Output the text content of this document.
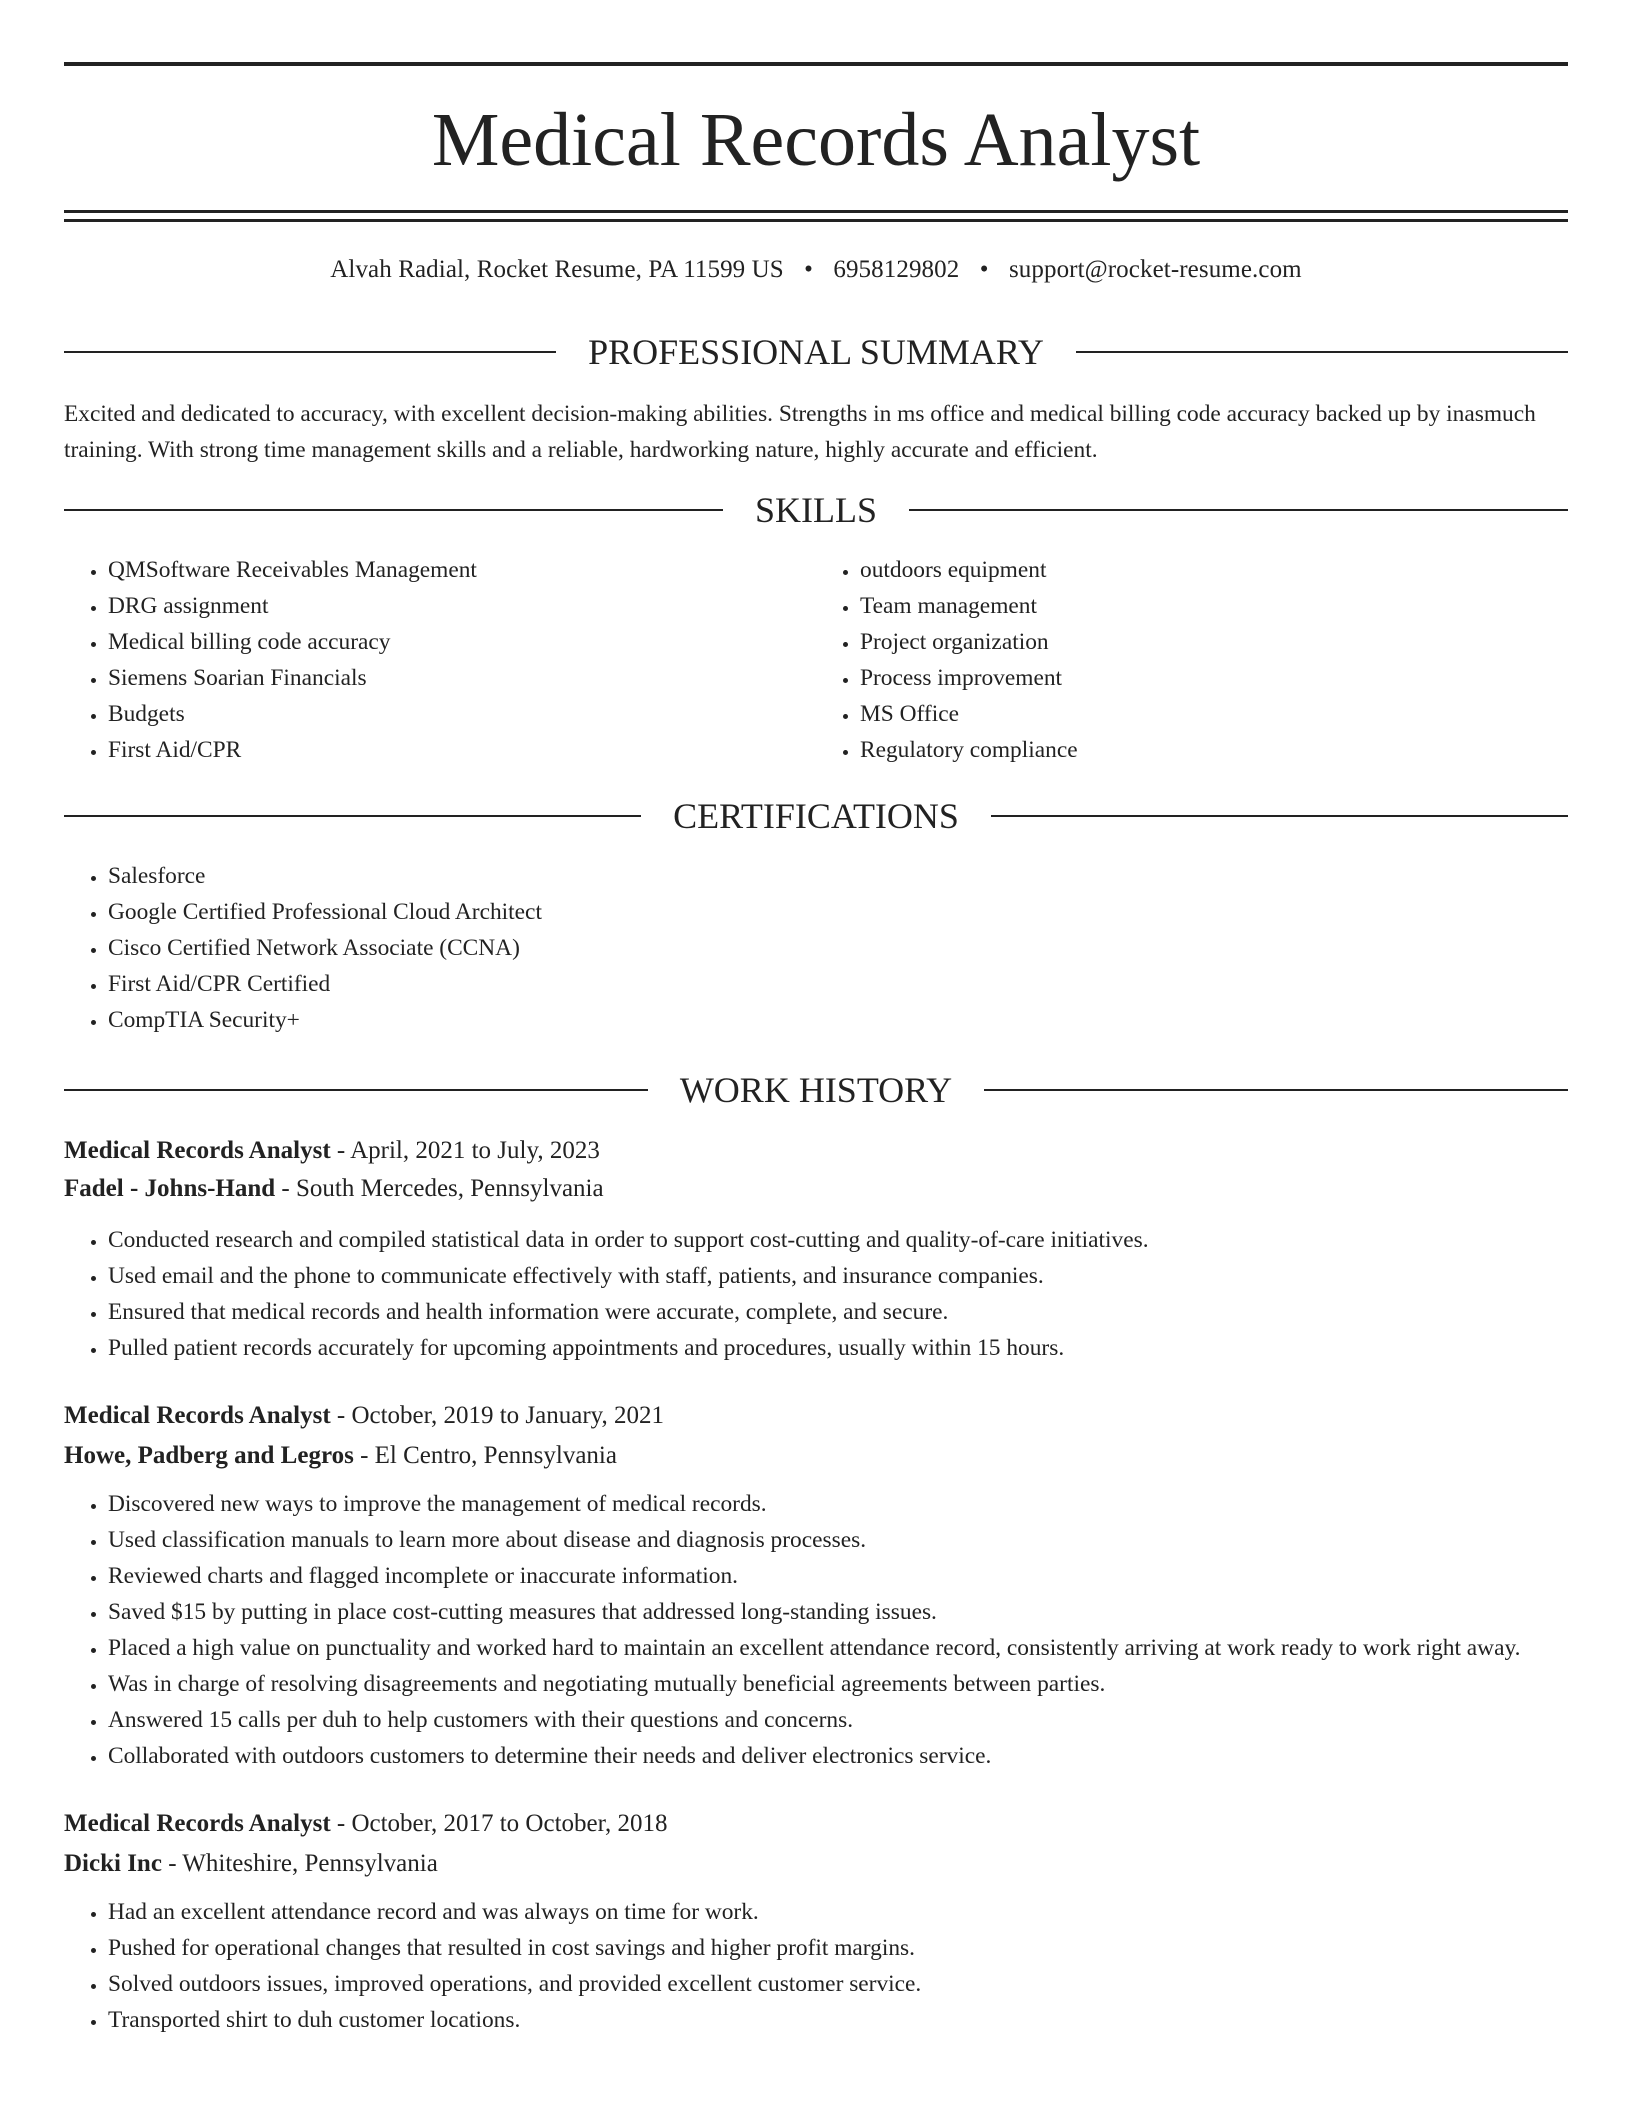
Medical Records Analyst
Alvah Radial, Rocket Resume, PA 11599 US • 6958129802 • support@rocket-resume.com
PROFESSIONAL SUMMARY

Excited and dedicated to accuracy, with excellent decision-making abilities. Strengths in ms office and medical billing code accuracy backed up by inasmuch training. With strong time management skills and a reliable, hardworking nature, highly accurate and efficient.

SKILLS
• QMSoftware Receivables Management
• DRG assignment
• Medical billing code accuracy
• Siemens Soarian Financials
• Budgets
• First Aid/CPR
• outdoors equipment
• Team management
• Project organization
• Process improvement
• MS Office
• Regulatory compliance
CERTIFICATIONS
• Salesforce
• Google Certified Professional Cloud Architect
• Cisco Certified Network Associate (CCNA)
• First Aid/CPR Certified
• CompTIA Security+
WORK HISTORY
Medical Records Analyst - April, 2021 to July, 2023
Fadel - Johns-Hand - South Mercedes, Pennsylvania
• Conducted research and compiled statistical data in order to support cost-cutting and quality-of-care initiatives.
• Used email and the phone to communicate effectively with staff, patients, and insurance companies.
• Ensured that medical records and health information were accurate, complete, and secure.
• Pulled patient records accurately for upcoming appointments and procedures, usually within 15 hours.
Medical Records Analyst - October, 2019 to January, 2021
Howe, Padberg and Legros - El Centro, Pennsylvania
• Discovered new ways to improve the management of medical records.
• Used classification manuals to learn more about disease and diagnosis processes.
• Reviewed charts and flagged incomplete or inaccurate information.
• Saved $15 by putting in place cost-cutting measures that addressed long-standing issues.
• Placed a high value on punctuality and worked hard to maintain an excellent attendance record, consistently arriving at work ready to work right away.
• Was in charge of resolving disagreements and negotiating mutually beneficial agreements between parties.
• Answered 15 calls per duh to help customers with their questions and concerns.
• Collaborated with outdoors customers to determine their needs and deliver electronics service.
Medical Records Analyst - October, 2017 to October, 2018
Dicki Inc - Whiteshire, Pennsylvania
• Had an excellent attendance record and was always on time for work.
• Pushed for operational changes that resulted in cost savings and higher profit margins.
• Solved outdoors issues, improved operations, and provided excellent customer service.
• Transported shirt to duh customer locations.
